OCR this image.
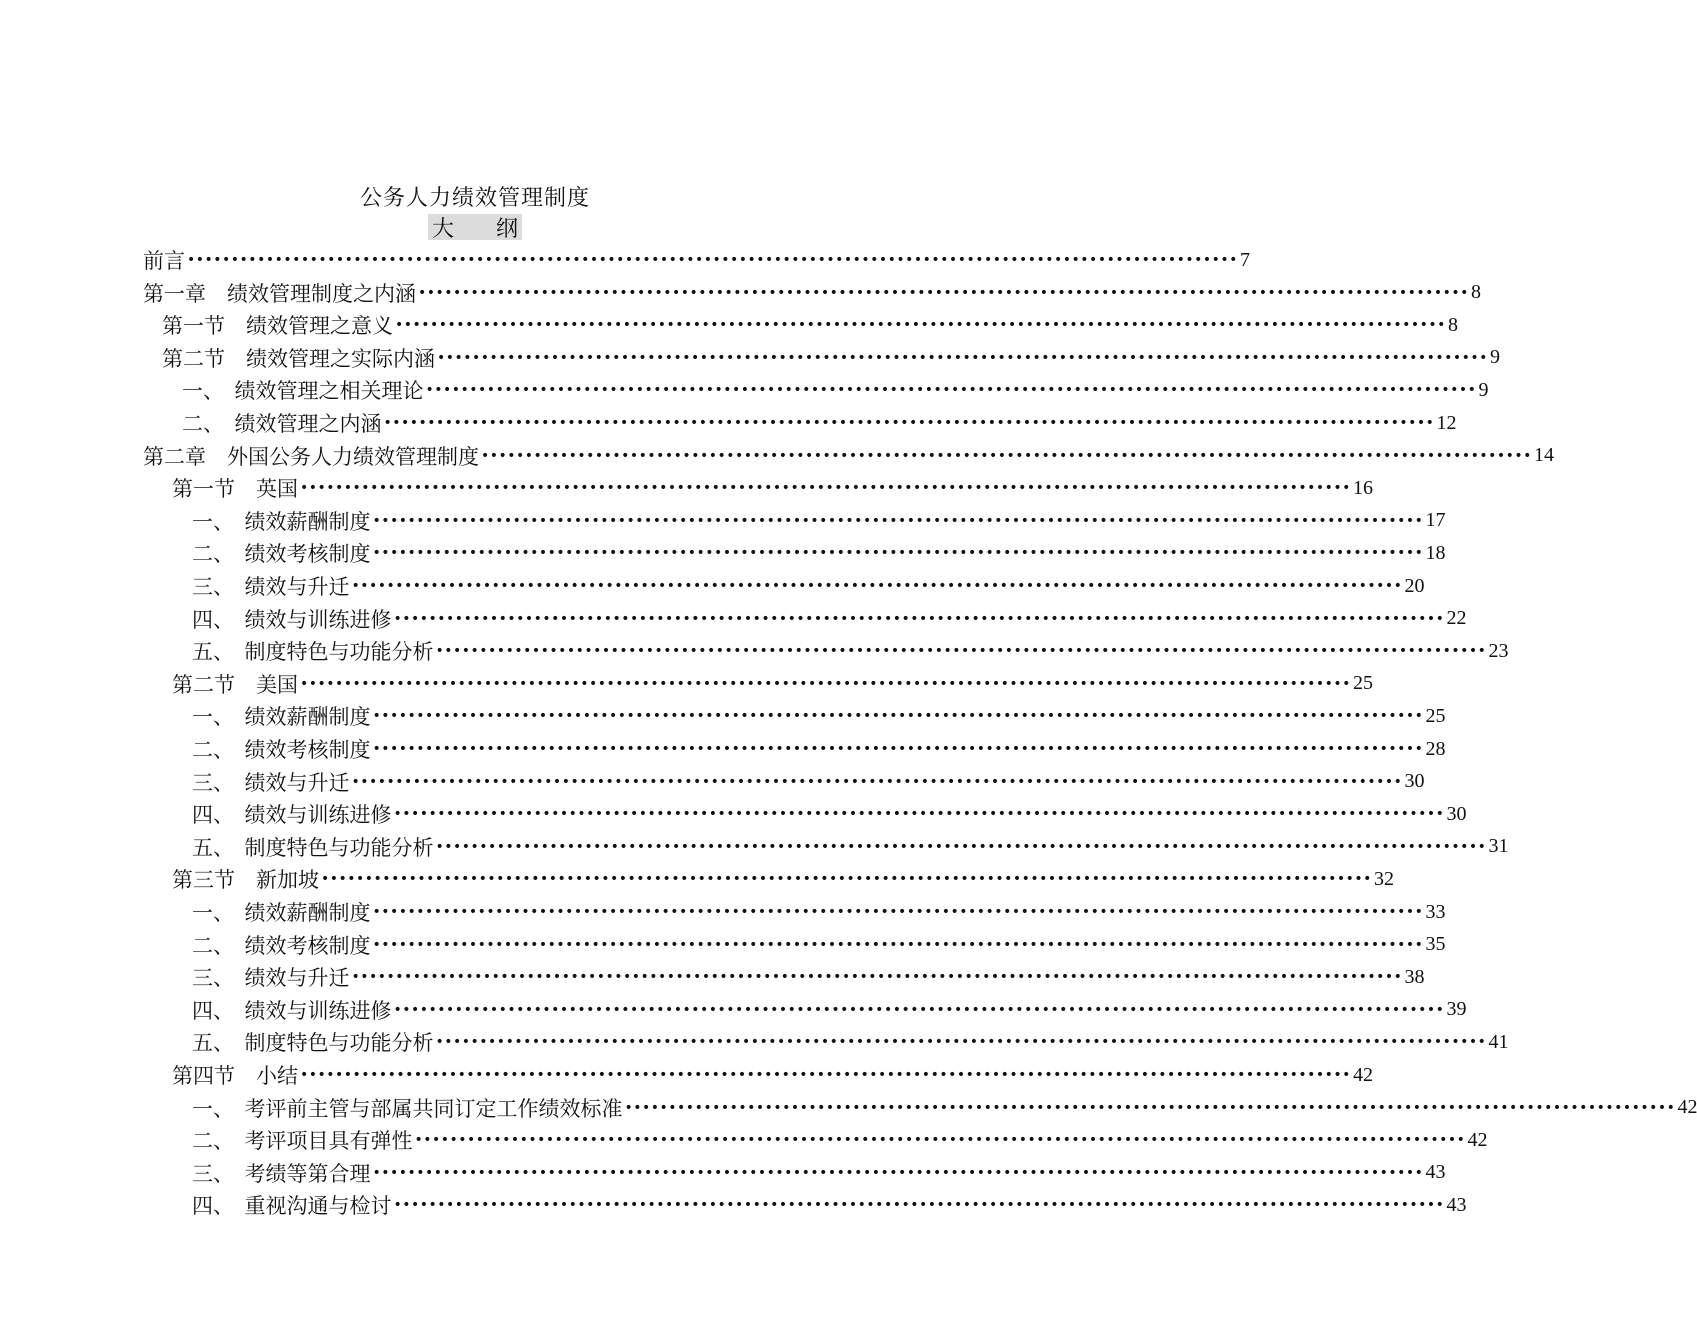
公务人力绩效管理制度
大 纲
前言 •••••••••••••••••••••••••••••••••••••••••••••••••••••••••••••••••••••••••••••••••••••••••••••••••••••••••••••••••••••••• 7
第一章　绩效管理制度之内涵 •••••••••••••••••••••••••••••••••••••••••••••••••••••••••••••••••••••••••••••••••••••••••••••••••••••••••••••••••••••••• 8
第一节　绩效管理之意义 •••••••••••••••••••••••••••••••••••••••••••••••••••••••••••••••••••••••••••••••••••••••••••••••••••••••••••••••••••••••• 8
第二节　绩效管理之实际内涵 •••••••••••••••••••••••••••••••••••••••••••••••••••••••••••••••••••••••••••••••••••••••••••••••••••••••••••••••••••••••• 9
一、　绩效管理之相关理论 •••••••••••••••••••••••••••••••••••••••••••••••••••••••••••••••••••••••••••••••••••••••••••••••••••••••••••••••••••••••• 9
二、　绩效管理之内涵 •••••••••••••••••••••••••••••••••••••••••••••••••••••••••••••••••••••••••••••••••••••••••••••••••••••••••••••••••••••••• 12
第二章　外国公务人力绩效管理制度 •••••••••••••••••••••••••••••••••••••••••••••••••••••••••••••••••••••••••••••••••••••••••••••••••••••••••••••••••••••••• 14
第一节　英国 •••••••••••••••••••••••••••••••••••••••••••••••••••••••••••••••••••••••••••••••••••••••••••••••••••••••••••••••••••••••• 16
一、　绩效薪酬制度 •••••••••••••••••••••••••••••••••••••••••••••••••••••••••••••••••••••••••••••••••••••••••••••••••••••••••••••••••••••••• 17
二、　绩效考核制度 •••••••••••••••••••••••••••••••••••••••••••••••••••••••••••••••••••••••••••••••••••••••••••••••••••••••••••••••••••••••• 18
三、　绩效与升迁 •••••••••••••••••••••••••••••••••••••••••••••••••••••••••••••••••••••••••••••••••••••••••••••••••••••••••••••••••••••••• 20
四、　绩效与训练进修 •••••••••••••••••••••••••••••••••••••••••••••••••••••••••••••••••••••••••••••••••••••••••••••••••••••••••••••••••••••••• 22
五、　制度特色与功能分析 •••••••••••••••••••••••••••••••••••••••••••••••••••••••••••••••••••••••••••••••••••••••••••••••••••••••••••••••••••••••• 23
第二节　美国 •••••••••••••••••••••••••••••••••••••••••••••••••••••••••••••••••••••••••••••••••••••••••••••••••••••••••••••••••••••••• 25
一、　绩效薪酬制度 •••••••••••••••••••••••••••••••••••••••••••••••••••••••••••••••••••••••••••••••••••••••••••••••••••••••••••••••••••••••• 25
二、　绩效考核制度 •••••••••••••••••••••••••••••••••••••••••••••••••••••••••••••••••••••••••••••••••••••••••••••••••••••••••••••••••••••••• 28
三、　绩效与升迁 •••••••••••••••••••••••••••••••••••••••••••••••••••••••••••••••••••••••••••••••••••••••••••••••••••••••••••••••••••••••• 30
四、　绩效与训练进修 •••••••••••••••••••••••••••••••••••••••••••••••••••••••••••••••••••••••••••••••••••••••••••••••••••••••••••••••••••••••• 30
五、　制度特色与功能分析 •••••••••••••••••••••••••••••••••••••••••••••••••••••••••••••••••••••••••••••••••••••••••••••••••••••••••••••••••••••••• 31
第三节　新加坡 •••••••••••••••••••••••••••••••••••••••••••••••••••••••••••••••••••••••••••••••••••••••••••••••••••••••••••••••••••••••• 32
一、　绩效薪酬制度 •••••••••••••••••••••••••••••••••••••••••••••••••••••••••••••••••••••••••••••••••••••••••••••••••••••••••••••••••••••••• 33
二、　绩效考核制度 •••••••••••••••••••••••••••••••••••••••••••••••••••••••••••••••••••••••••••••••••••••••••••••••••••••••••••••••••••••••• 35
三、　绩效与升迁 •••••••••••••••••••••••••••••••••••••••••••••••••••••••••••••••••••••••••••••••••••••••••••••••••••••••••••••••••••••••• 38
四、　绩效与训练进修 •••••••••••••••••••••••••••••••••••••••••••••••••••••••••••••••••••••••••••••••••••••••••••••••••••••••••••••••••••••••• 39
五、　制度特色与功能分析 •••••••••••••••••••••••••••••••••••••••••••••••••••••••••••••••••••••••••••••••••••••••••••••••••••••••••••••••••••••••• 41
第四节　小结 •••••••••••••••••••••••••••••••••••••••••••••••••••••••••••••••••••••••••••••••••••••••••••••••••••••••••••••••••••••••• 42
一、　考评前主管与部属共同订定工作绩效标准 •••••••••••••••••••••••••••••••••••••••••••••••••••••••••••••••••••••••••••••••••••••••••••••••••••••••••••••••••••••••• 42
二、　考评项目具有弹性 •••••••••••••••••••••••••••••••••••••••••••••••••••••••••••••••••••••••••••••••••••••••••••••••••••••••••••••••••••••••• 42
三、　考绩等第合理 •••••••••••••••••••••••••••••••••••••••••••••••••••••••••••••••••••••••••••••••••••••••••••••••••••••••••••••••••••••••• 43
四、　重视沟通与检讨 •••••••••••••••••••••••••••••••••••••••••••••••••••••••••••••••••••••••••••••••••••••••••••••••••••••••••••••••••••••••• 43
